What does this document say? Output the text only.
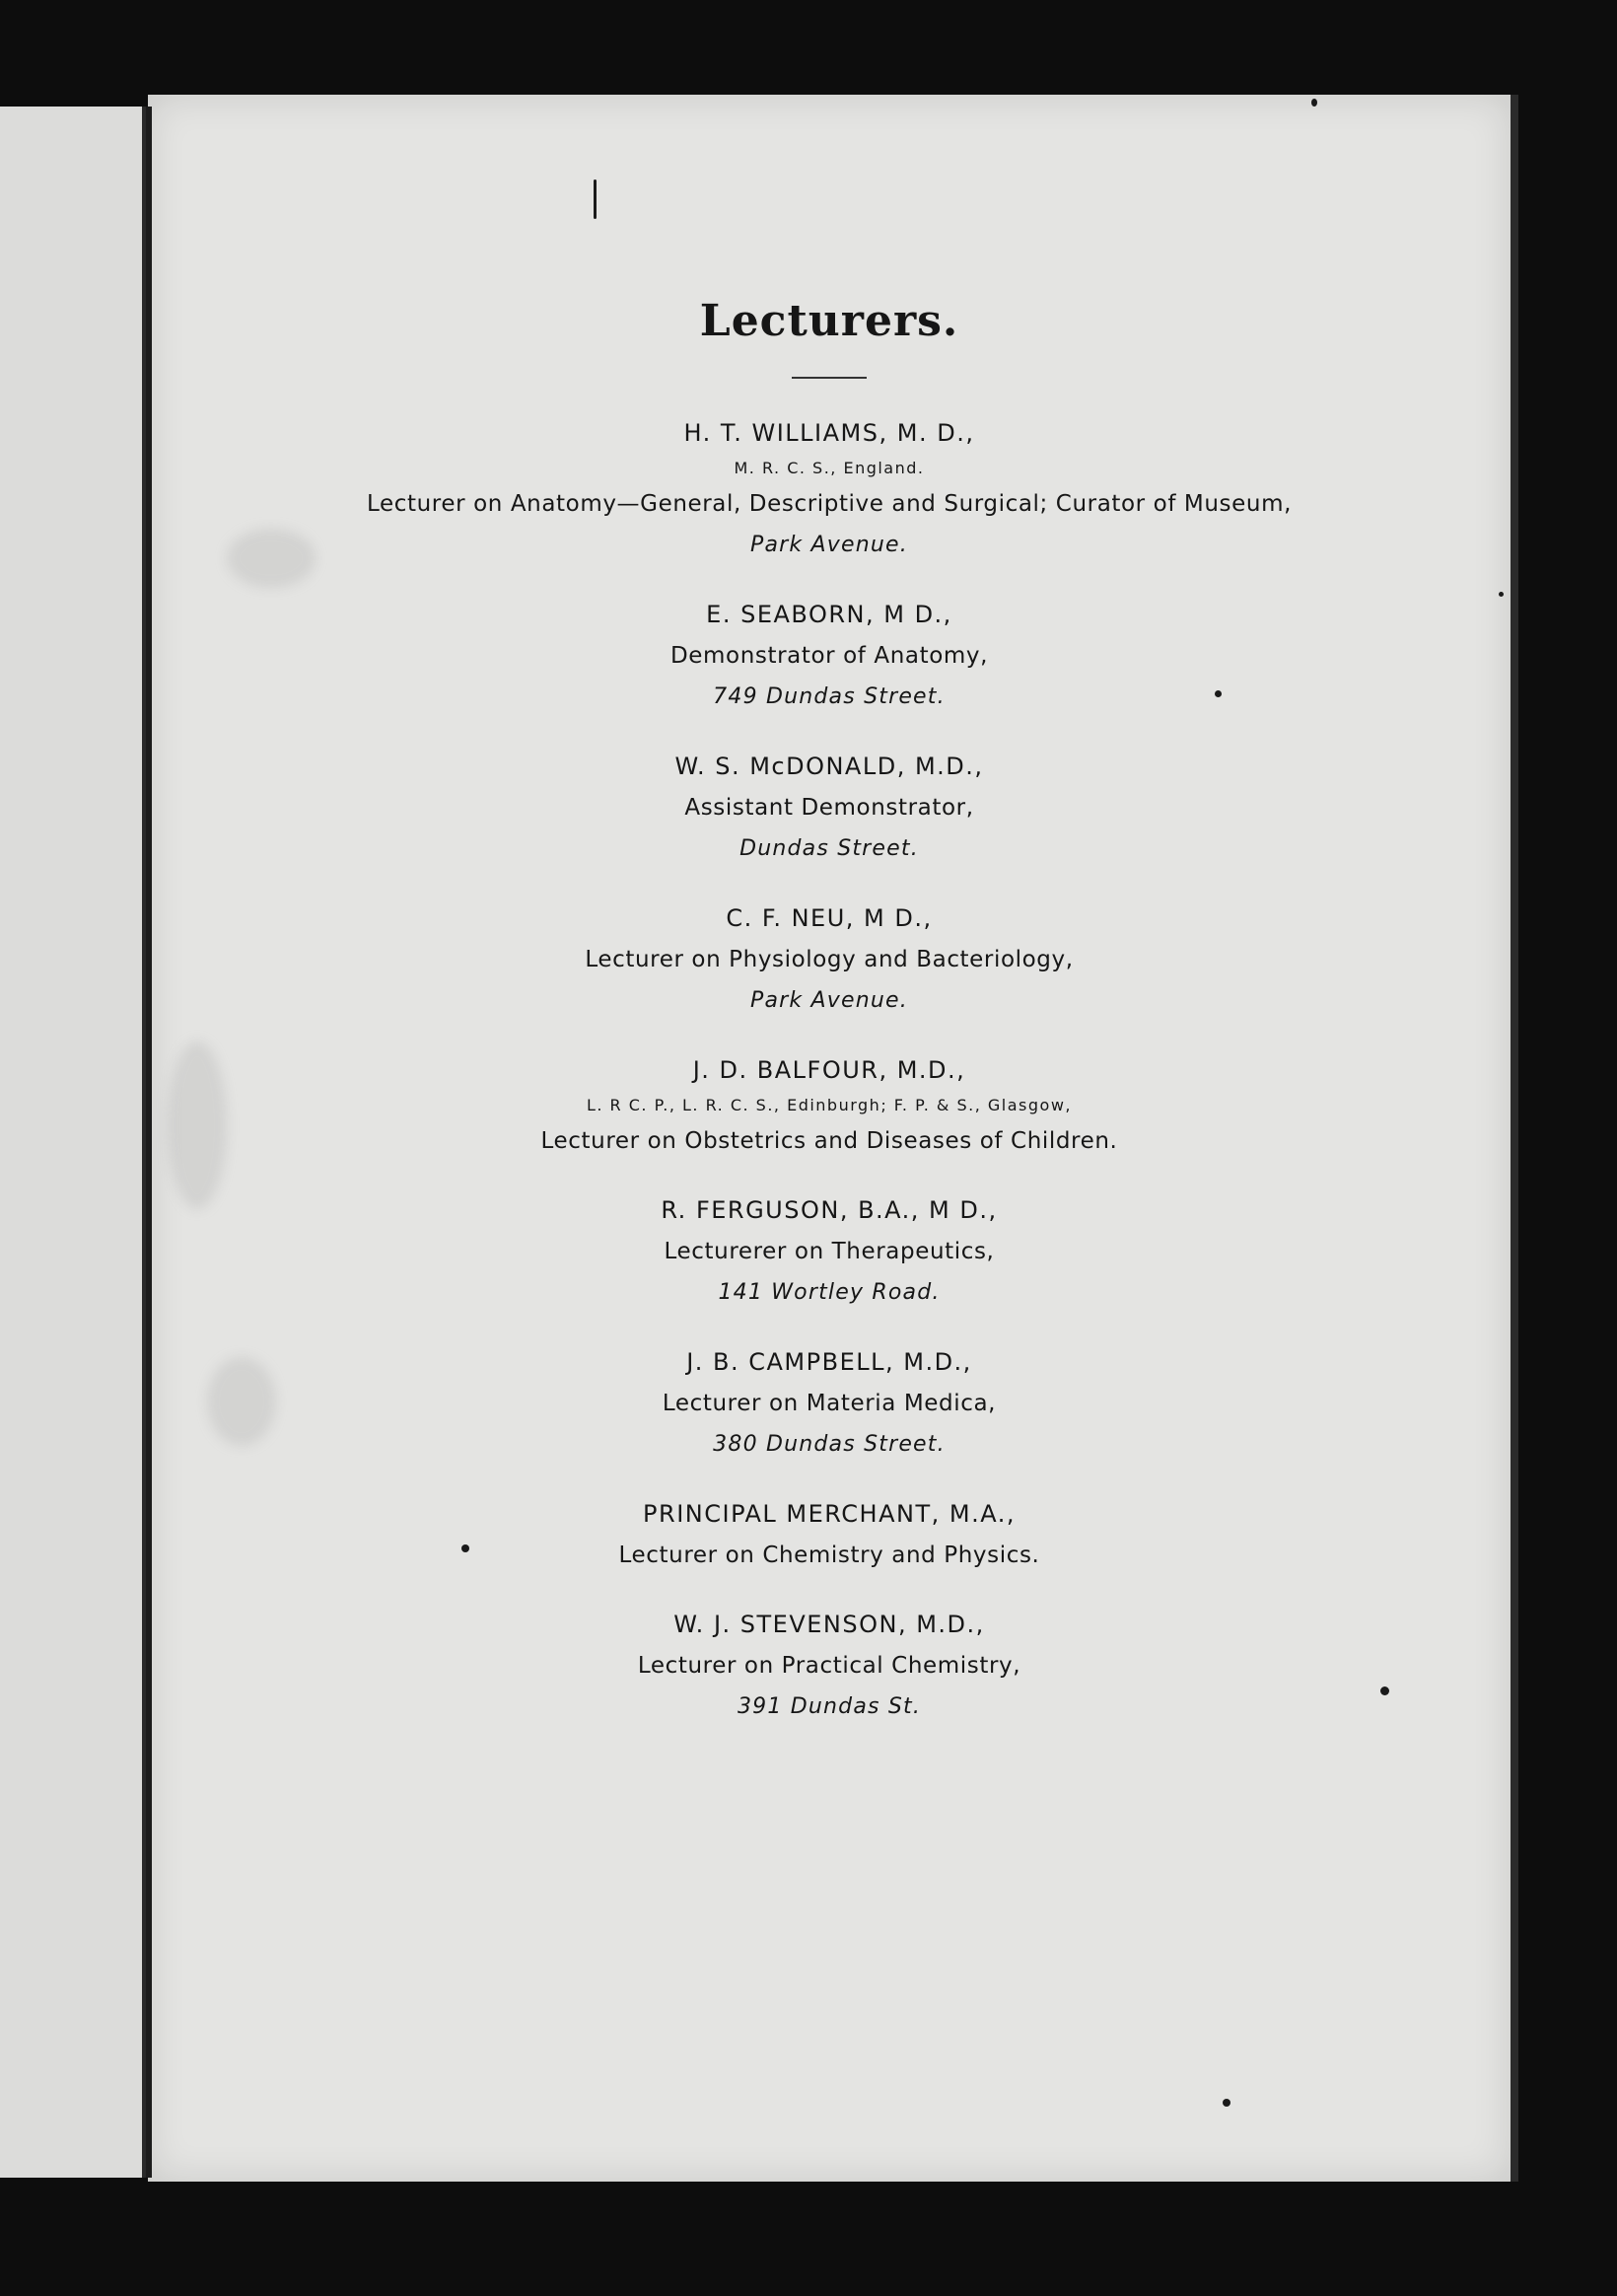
Lecturers.
H. T. WILLIAMS, M. D.,
M. R. C. S., England.
Lecturer on Anatomy—General, Descriptive and Surgical; Curator of Museum,
Park Avenue.
E. SEABORN, M D.,
Demonstrator of Anatomy,
749 Dundas Street.
W. S. McDONALD, M.D.,
Assistant Demonstrator,
Dundas Street.
C. F. NEU, M D.,
Lecturer on Physiology and Bacteriology,
Park Avenue.
J. D. BALFOUR, M.D.,
L. R C. P., L. R. C. S., Edinburgh; F. P. & S., Glasgow,
Lecturer on Obstetrics and Diseases of Children.
R. FERGUSON, B.A., M D.,
Lecturerer on Therapeutics,
141 Wortley Road.
J. B. CAMPBELL, M.D.,
Lecturer on Materia Medica,
380 Dundas Street.
PRINCIPAL MERCHANT, M.A.,
Lecturer on Chemistry and Physics.
W. J. STEVENSON, M.D.,
Lecturer on Practical Chemistry,
391 Dundas St.
